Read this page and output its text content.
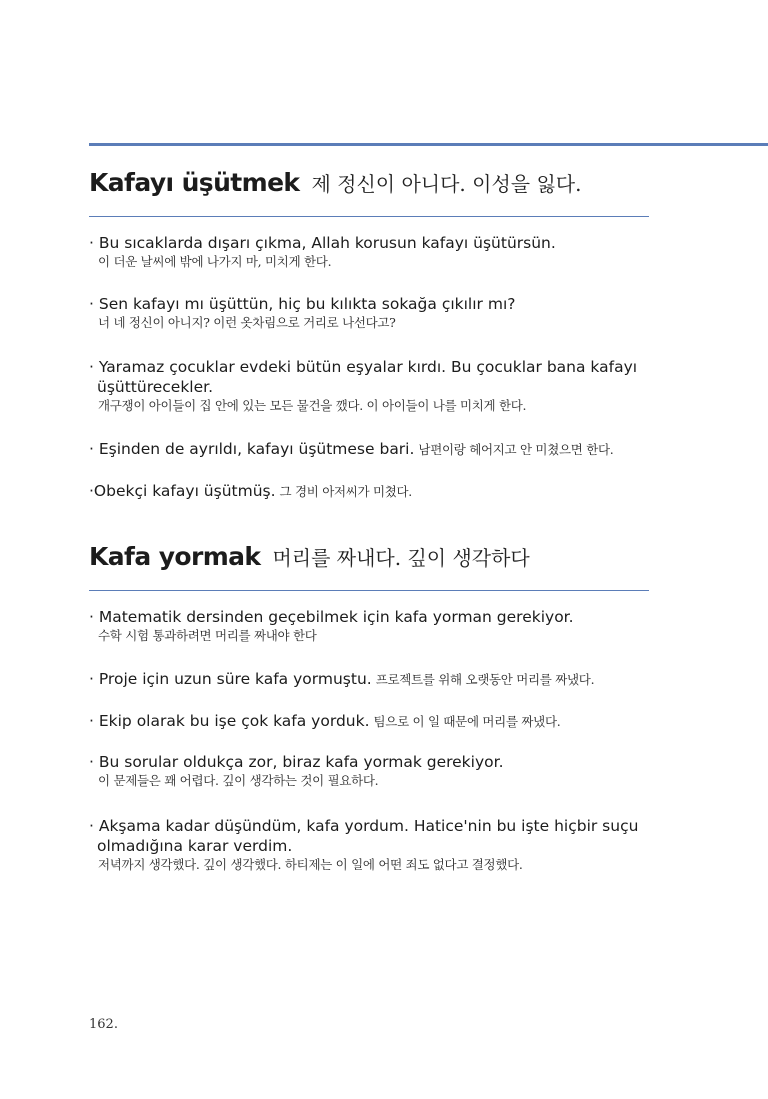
Kafayı üşütmek 제 정신이 아니다. 이성을 잃다.
· Bu sıcaklarda dışarı çıkma, Allah korusun kafayı üşütürsün.
이 더운 날씨에 밖에 나가지 마, 미치게 한다.
· Sen kafayı mı üşüttün, hiç bu kılıkta sokağa çıkılır mı?
너 네 정신이 아니지? 이런 옷차림으로 거리로 나선다고?
· Yaramaz çocuklar evdeki bütün eşyalar kırdı. Bu çocuklar bana kafayı
üşüttürecekler.
개구쟁이 아이들이 집 안에 있는 모든 물건을 깼다. 이 아이들이 나를 미치게 한다.
· Eşinden de ayrıldı, kafayı üşütmese bari. 남편이랑 헤어지고 안 미쳤으면 한다.
·Obekçi kafayı üşütmüş. 그 경비 아저씨가 미쳤다.
Kafa yormak 머리를 짜내다. 깊이 생각하다
· Matematik dersinden geçebilmek için kafa yorman gerekiyor.
수학 시험 통과하려면 머리를 짜내야 한다
· Proje için uzun süre kafa yormuştu. 프로젝트를 위해 오랫동안 머리를 짜냈다.
· Ekip olarak bu işe çok kafa yorduk. 팀으로 이 일 때문에 머리를 짜냈다.
· Bu sorular oldukça zor, biraz kafa yormak gerekiyor.
이 문제들은 꽤 어렵다. 깊이 생각하는 것이 필요하다.
· Akşama kadar düşündüm, kafa yordum. Hatice'nin bu işte hiçbir suçu
olmadığına karar verdim.
저녁까지 생각했다. 깊이 생각했다. 하티제는 이 일에 어떤 죄도 없다고 결정했다.
162.
